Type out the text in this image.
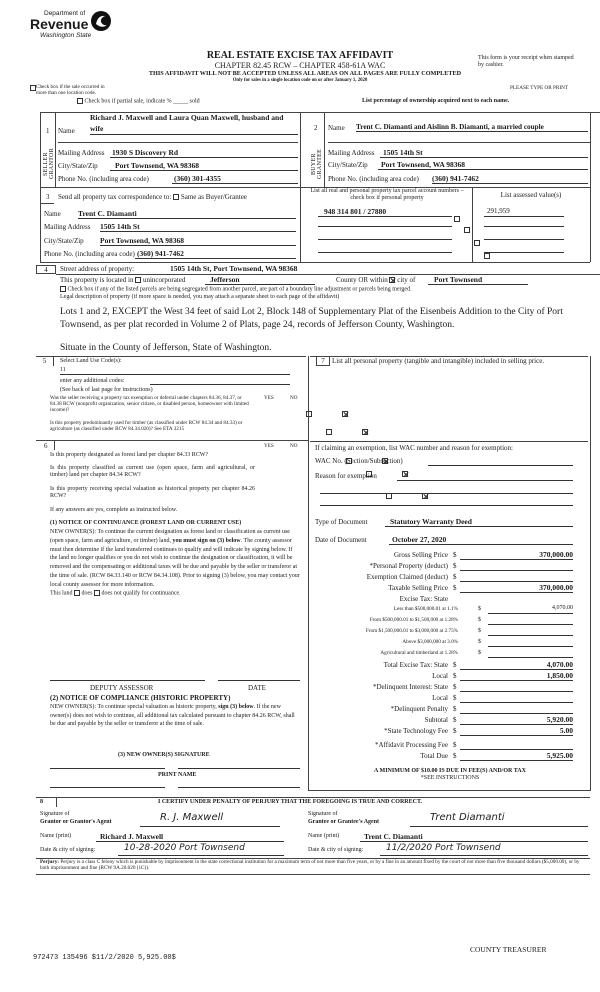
Department of
Revenue
Washington State
REAL ESTATE EXCISE TAX AFFIDAVIT
CHAPTER 82.45 RCW – CHAPTER 458-61A WAC
THIS AFFIDAVIT WILL NOT BE ACCEPTED UNLESS ALL AREAS ON ALL PAGES ARE FULLY COMPLETED
Only for sales in a single location code on or after January 1, 2020
This form is your receipt when stamped by cashier.
PLEASE TYPE OR PRINT
Check box if the sale occurred in more than one location code.
Check box if partial sale, indicate % _____ sold	List percentage of ownership acquired next to each name.
1 Name
Richard J. Maxwell and Laura Quan Maxwell, husband and
wife
SELLER GRANTOR Mailing Address 1930 S Discovery Rd
City/State/Zip	Port Townsend, WA 98368
Phone No. (including area code)	(360) 301-4355
2 Name Trent C. Diamanti and Aislinn B. Diamanti, a married couple
BUYER GRANTEE Mailing Address	1505 14th St
City/State/Zip	Port Townsend, WA 98368
Phone No. (including area code) (360) 941-7462
3 Send all property tax correspondence to: Same as Buyer/Grantee
Name Trent C. Diamanti
Mailing Address 1505 14th St
City/State/Zip Port Townsend, WA 98368
Phone No. (including area code) (360) 941-7462
List all real and personal property tax parcel account numbers – check box if personal property	List assessed value(s)
948 314 801 / 27880
	291,959

4	Street address of property:	1505 14th St, Port Townsend, WA 98368
This property is located in unincorporated	Jefferson	County OR within city of	Port Townsend
Check box if any of the listed parcels are being segregated from another parcel, are part of a boundary line adjustment or parcels being merged.
Legal description of property (if more space is needed, you may attach a separate sheet to each page of the affidavit)
Lots 1 and 2, EXCEPT the West 34 feet of said Lot 2, Block 148 of Supplementary Plat of the Eisenbeis Addition to the City of Port Townsend, as per plat recorded in Volume 2 of Plats, page 24, records of Jefferson County, Washington.
Situate in the County of Jefferson, State of Washington.
5	Select Land Use Code(s):
11
enter any additional codes:
(See back of last page for instructions)
YES	NO
Was the seller receiving a property tax exemption or deferral under chapters 84.36, 84.37, or 84.38 RCW (nonprofit organization, senior citizen, or disabled person, homeowner with limited income)?

Is this property predominantly used for timber (as classified under RCW 84.34 and 84.33) or agriculture (as classified under RCW 84.34.020)? See ETA 3215

6	YES	NO
Is this property designated as forest land per chapter 84.33 RCW?

Is this property classified as current use (open space, farm and agricultural, or timber) land per chapter 84.34 RCW?

Is this property receiving special valuation as historical property per chapter 84.26 RCW?

If any answers are yes, complete as instructed below.
(1) NOTICE OF CONTINUANCE (FOREST LAND OR CURRENT USE)
NEW OWNER(S): To continue the current designation as forest land or classification as current use (open space, farm and agriculture, or timber) land, you must sign on (3) below. The county assessor must then determine if the land transferred continues to qualify and will indicate by signing below. If the land no longer qualifies or you do not wish to continue the designation or classification, it will be removed and the compensating or additional taxes will be due and payable by the seller or transferor at the time of sale. (RCW 84.33.140 or RCW 84.34.108). Prior to signing (3) below, you may contact your local county assessor for more information.
This land does does not qualify for continuance.
DEPUTY ASSESSOR	DATE
(2) NOTICE OF COMPLIANCE (HISTORIC PROPERTY)
NEW OWNER(S): To continue special valuation as historic property, sign (3) below. If the new owner(s) does not wish to continue, all additional tax calculated pursuant to chapter 84.26 RCW, shall be due and payable by the seller or transferor at the time of sale.
(3) NEW OWNER(S) SIGNATURE
PRINT NAME
7	List all personal property (tangible and intangible) included in selling price.
If claiming an exemption, list WAC number and reason for exemption:
WAC No. (Section/Subsection)
Reason for exemption
Type of Document	Statutory Warranty Deed
Date of Document	October 27, 2020
Gross Selling Price $	370,000.00
*Personal Property (deduct) $
Exemption Claimed (deduct) $
Taxable Selling Price $	370,000.00
Excise Tax: State
Less than $500,000.01 at 1.1%	$	4,070.00
From $500,000.01 to $1,500,000 at 1.28%	$
From $1,500,000.01 to $3,000,000 at 2.75%	$
Above $3,000,000 at 3.0%	$
Agricultural and timberland at 1.28%	$
Total Excise Tax: State $	4,070.00
Local $	1,850.00
*Delinquent Interest: State $
Local $
*Delinquent Penalty $
Subtotal $	5,920.00
*State Technology Fee $	5.00
*Affidavit Processing Fee $
Total Due $	5,925.00
A MINIMUM OF $10.00 IS DUE IN FEE(S) AND/OR TAX
*SEE INSTRUCTIONS
8	I CERTIFY UNDER PENALTY OF PERJURY THAT THE FOREGOING IS TRUE AND CORRECT.
Signature of
Grantor or Grantor's Agent	R. J. Maxwell	Signature of
Grantee or Grantee's Agent	Trent Diamanti
Name (print)	Richard J. Maxwell	Name (print)	Trent C. Diamanti
Date & city of signing:	10-28-2020 Port Townsend	Date & city of signing:	11/2/2020 Port Townsend
Perjury: Perjury is a class C felony which is punishable by imprisonment in the state correctional institution for a maximum term of not more than five years, or by a fine in an amount fixed by the court of not more than five thousand dollars ($5,000.00), or by both imprisonment and fine (RCW 9A.20.020 (1C)).
COUNTY TREASURER
972473 135496 $11/2/2020 5,925.00$
